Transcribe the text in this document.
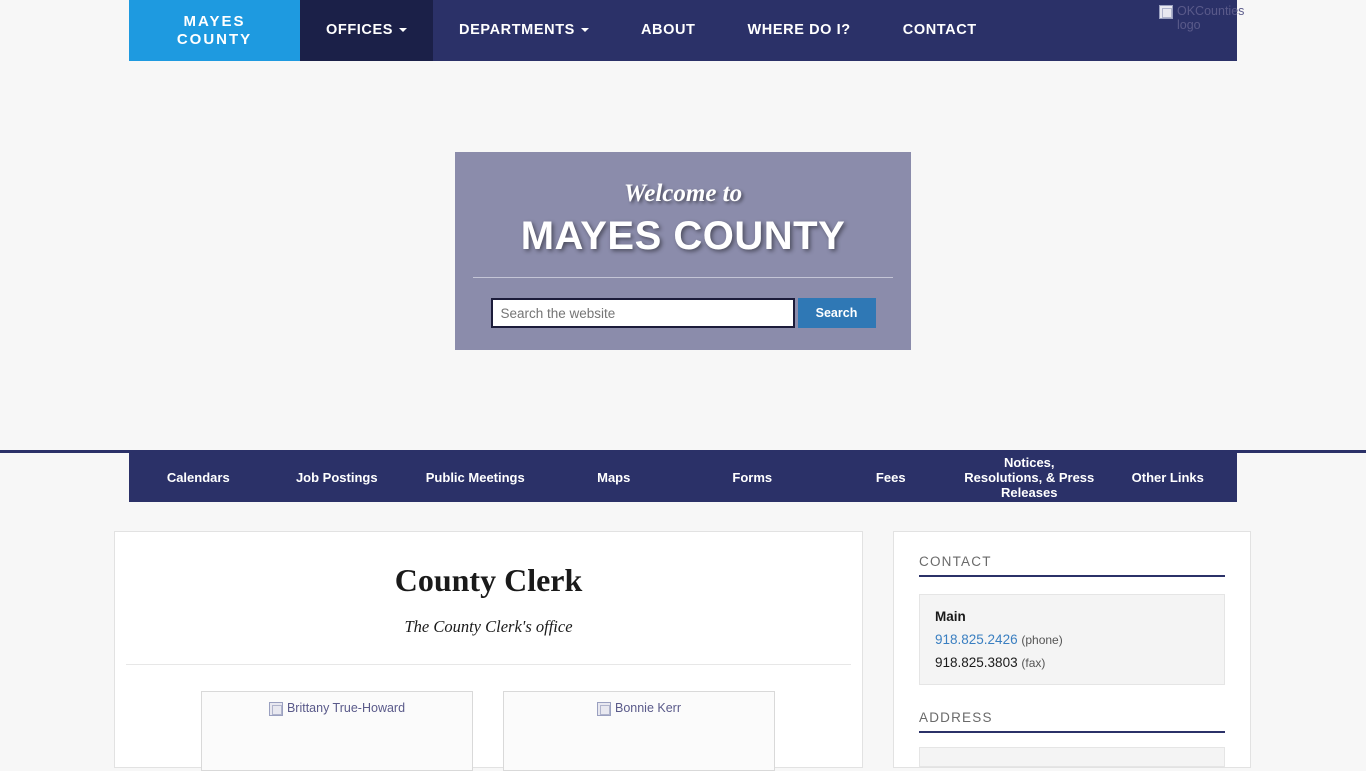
MAYES
COUNTY
OFFICES	DEPARTMENTS	ABOUT	WHERE DO I?	CONTACT
OKCounties logo
Welcome to
MAYES COUNTY
Search the website
Search
Calendars	Job Postings	Public Meetings	Maps	Forms	Fees
Notices, Resolutions, & Press Releases
Other Links
County Clerk
The County Clerk's office
Brittany True-Howard	Bonnie Kerr
CONTACT
Main
918.825.2426 (phone)
918.825.3803 (fax)
ADDRESS
